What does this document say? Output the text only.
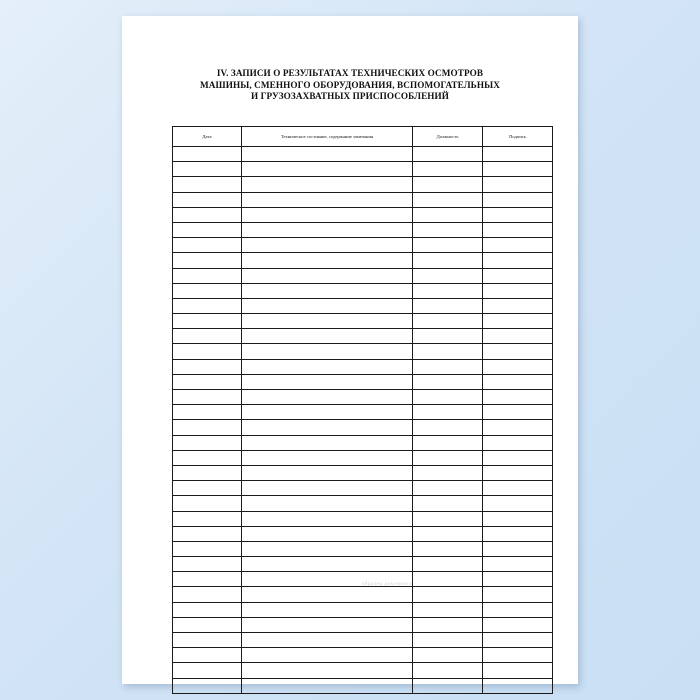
IV. ЗАПИСИ О РЕЗУЛЬТАТАХ ТЕХНИЧЕСКИХ ОСМОТРОВ
МАШИНЫ, СМЕННОГО ОБОРУДОВАНИЯ, ВСПОМОГАТЕЛЬНЫХ
И ГРУЗОЗАХВАТНЫХ ПРИСПОСОБЛЕНИЙ
Дата	Техническое состояние, содержание замечания	Должность	Подпись

образец документа
